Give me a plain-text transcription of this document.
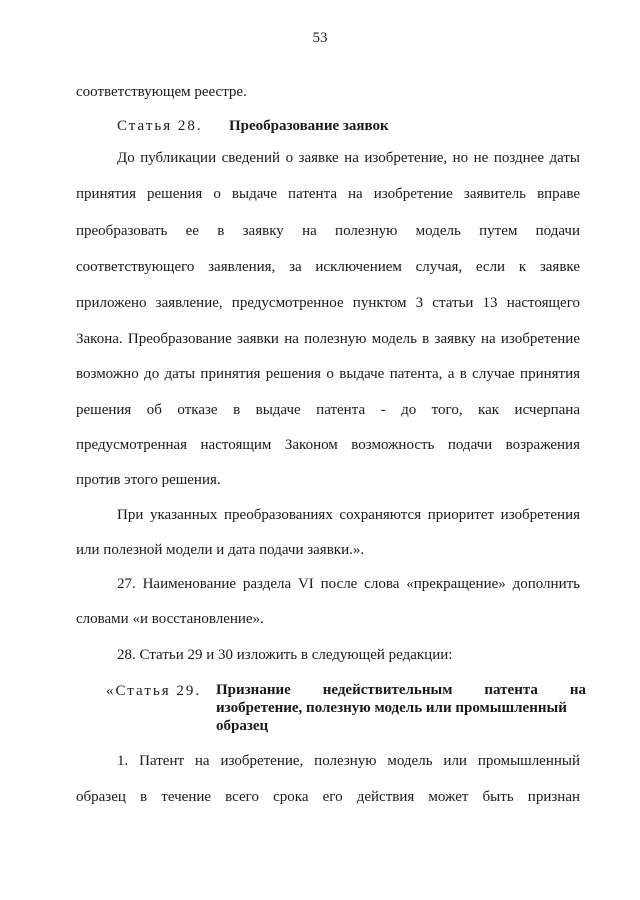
53
соответствующем реестре.
Статья 28. Преобразование заявок
До публикации сведений о заявке на изобретение, но не позднее даты
принятия решения о выдаче патента на изобретение заявитель вправе
преобразовать ее в заявку на полезную модель путем подачи
соответствующего заявления, за исключением случая, если к заявке
приложено заявление, предусмотренное пунктом 3 статьи 13 настоящего
Закона. Преобразование заявки на полезную модель в заявку на изобретение
возможно до даты принятия решения о выдаче патента, а в случае принятия
решения об отказе в выдаче патента - до того, как исчерпана
предусмотренная настоящим Законом возможность подачи возражения
против этого решения.
При указанных преобразованиях сохраняются приоритет изобретения
или полезной модели и дата подачи заявки.».
27. Наименование раздела VI после слова «прекращение» дополнить
словами «и восстановление».
28. Статьи 29 и 30 изложить в следующей редакции:
«Статья 29. Признание недействительным патента на
изобретение, полезную модель или промышленный
образец
1. Патент на изобретение, полезную модель или промышленный
образец в течение всего срока его действия может быть признан
